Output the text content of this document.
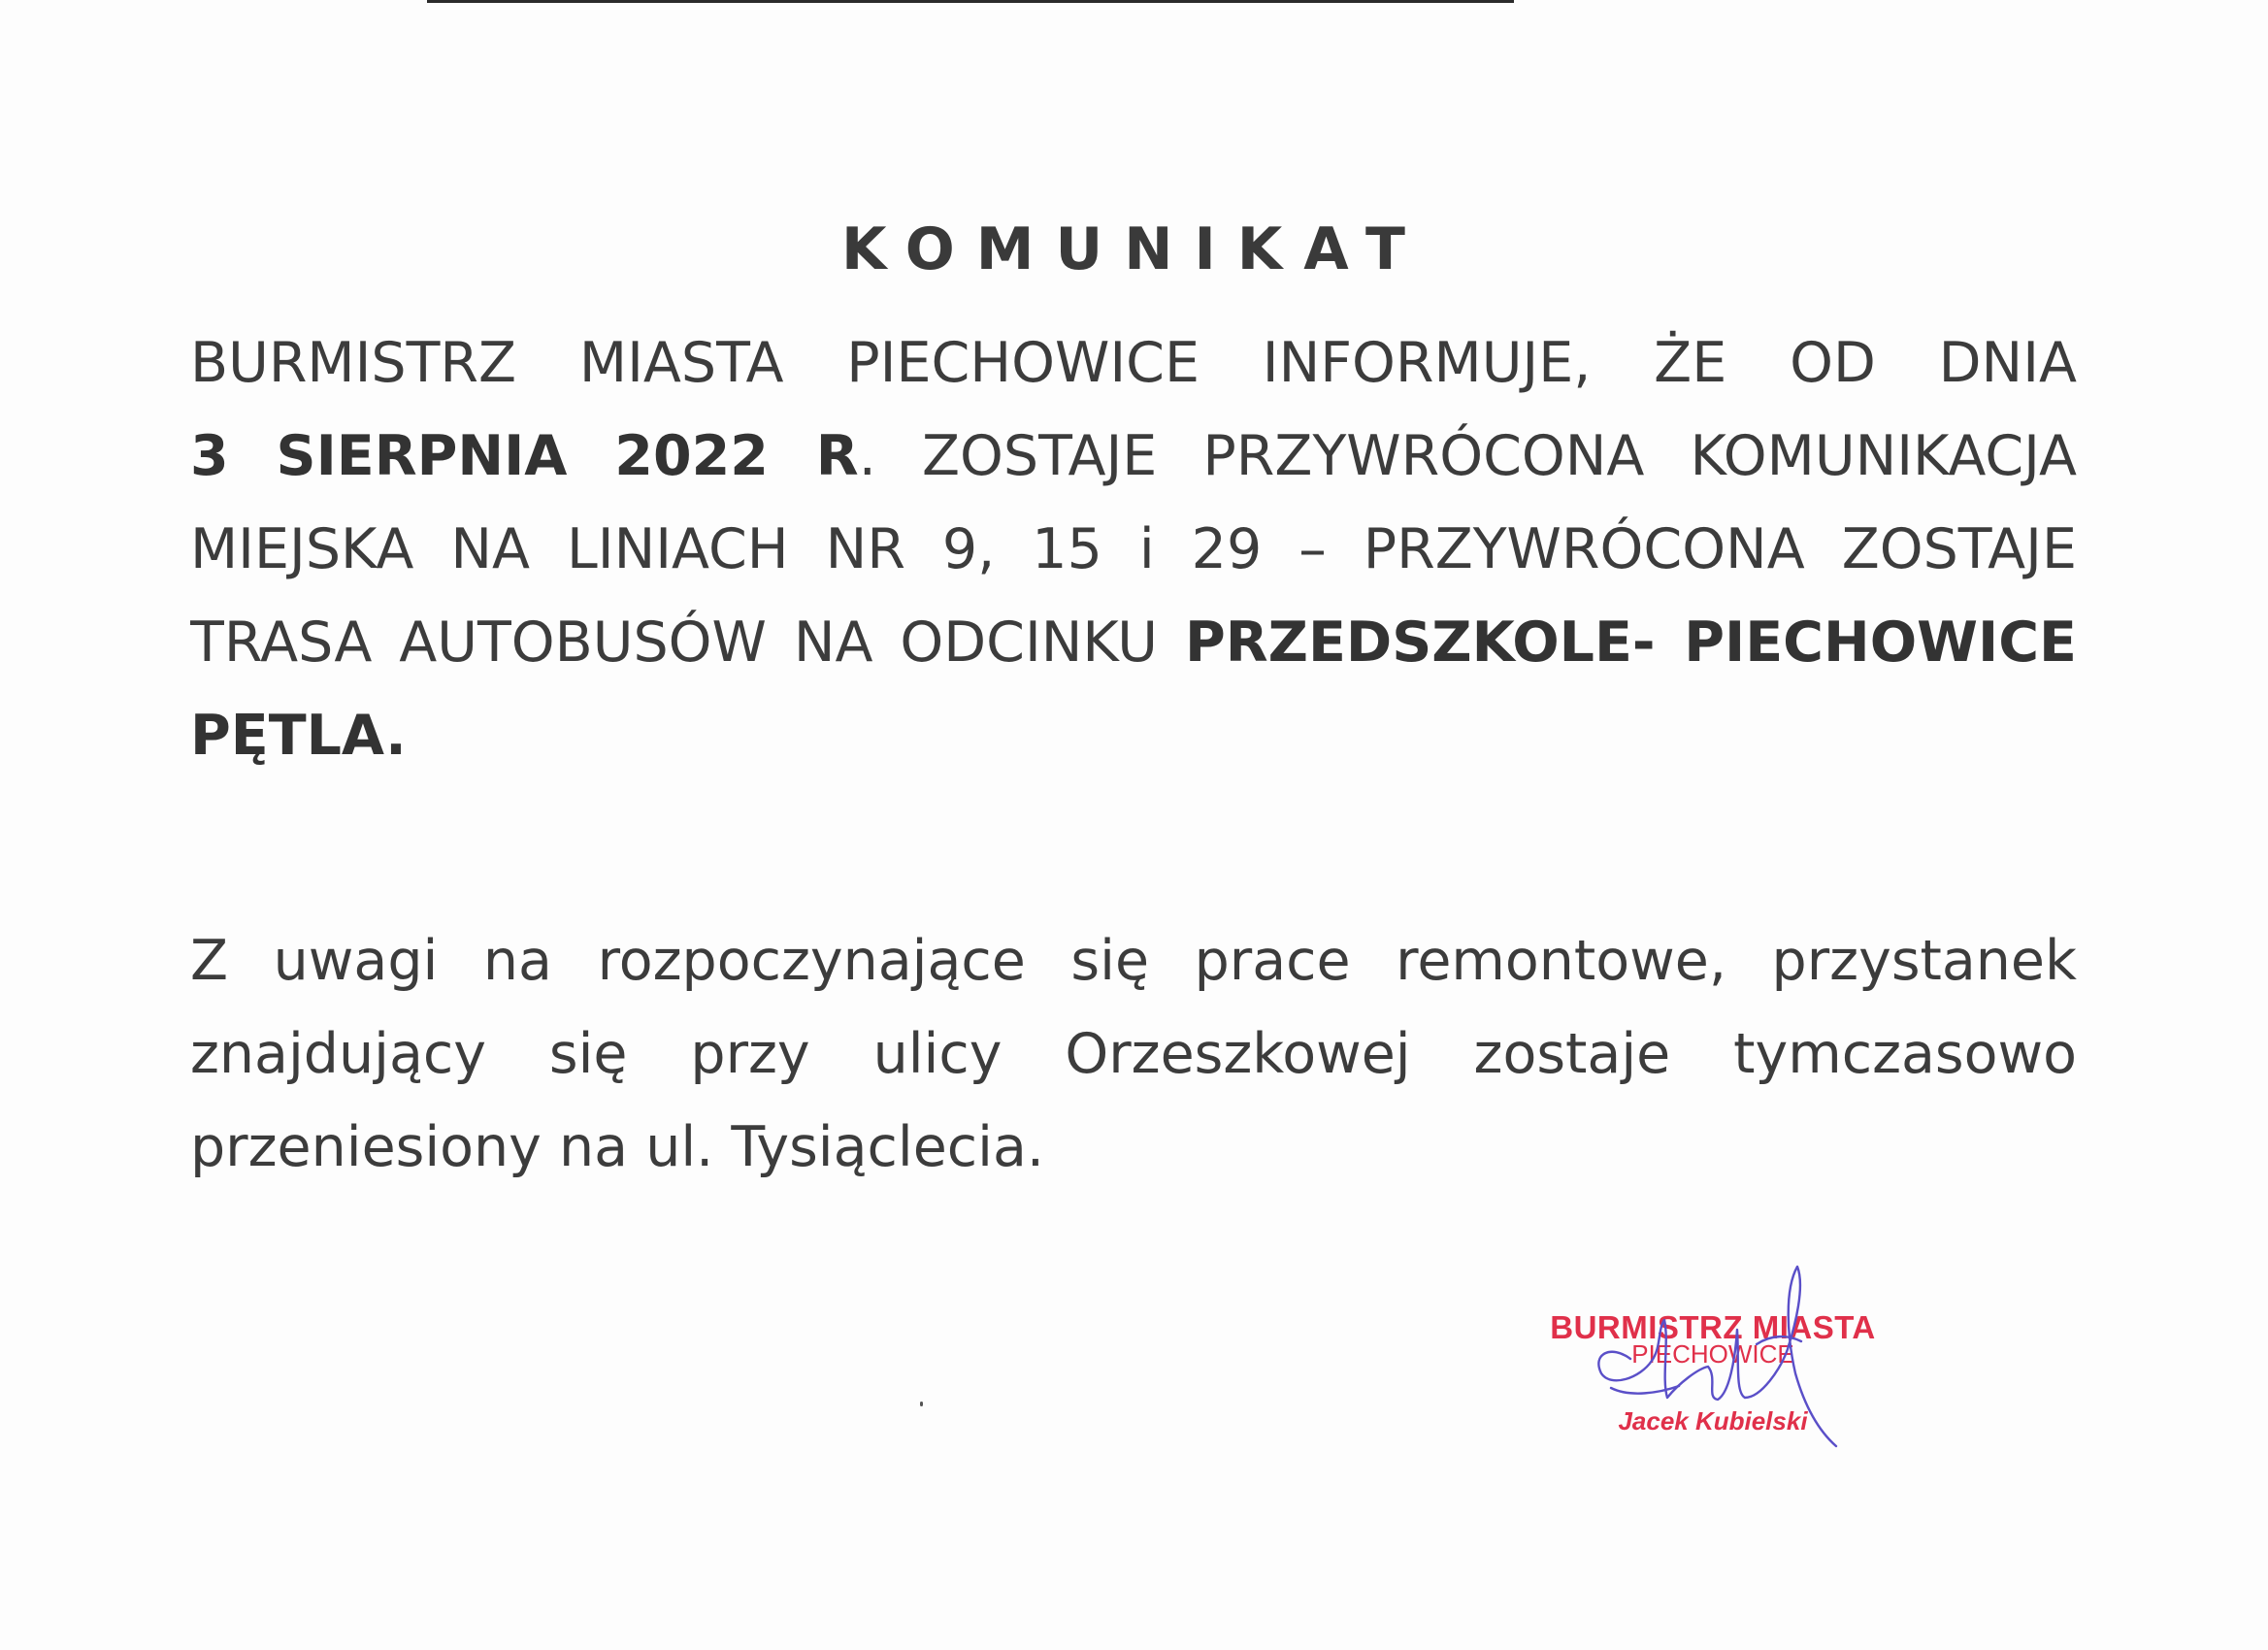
KOMUNIKAT
BURMISTRZ MIASTA PIECHOWICE INFORMUJE, ŻE OD DNIA
3 SIERPNIA 2022 R. ZOSTAJE PRZYWRÓCONA KOMUNIKACJA
MIEJSKA NA LINIACH NR 9, 15 i 29 – PRZYWRÓCONA ZOSTAJE
TRASA AUTOBUSÓW NA ODCINKU PRZEDSZKOLE- PIECHOWICE
PĘTLA.
Z uwagi na rozpoczynające się prace remontowe, przystanek
znajdujący się przy ulicy Orzeszkowej zostaje tymczasowo
przeniesiony na ul. Tysiąclecia.
BURMISTRZ MIASTA
PIECHOWICE
Jacek Kubielski
